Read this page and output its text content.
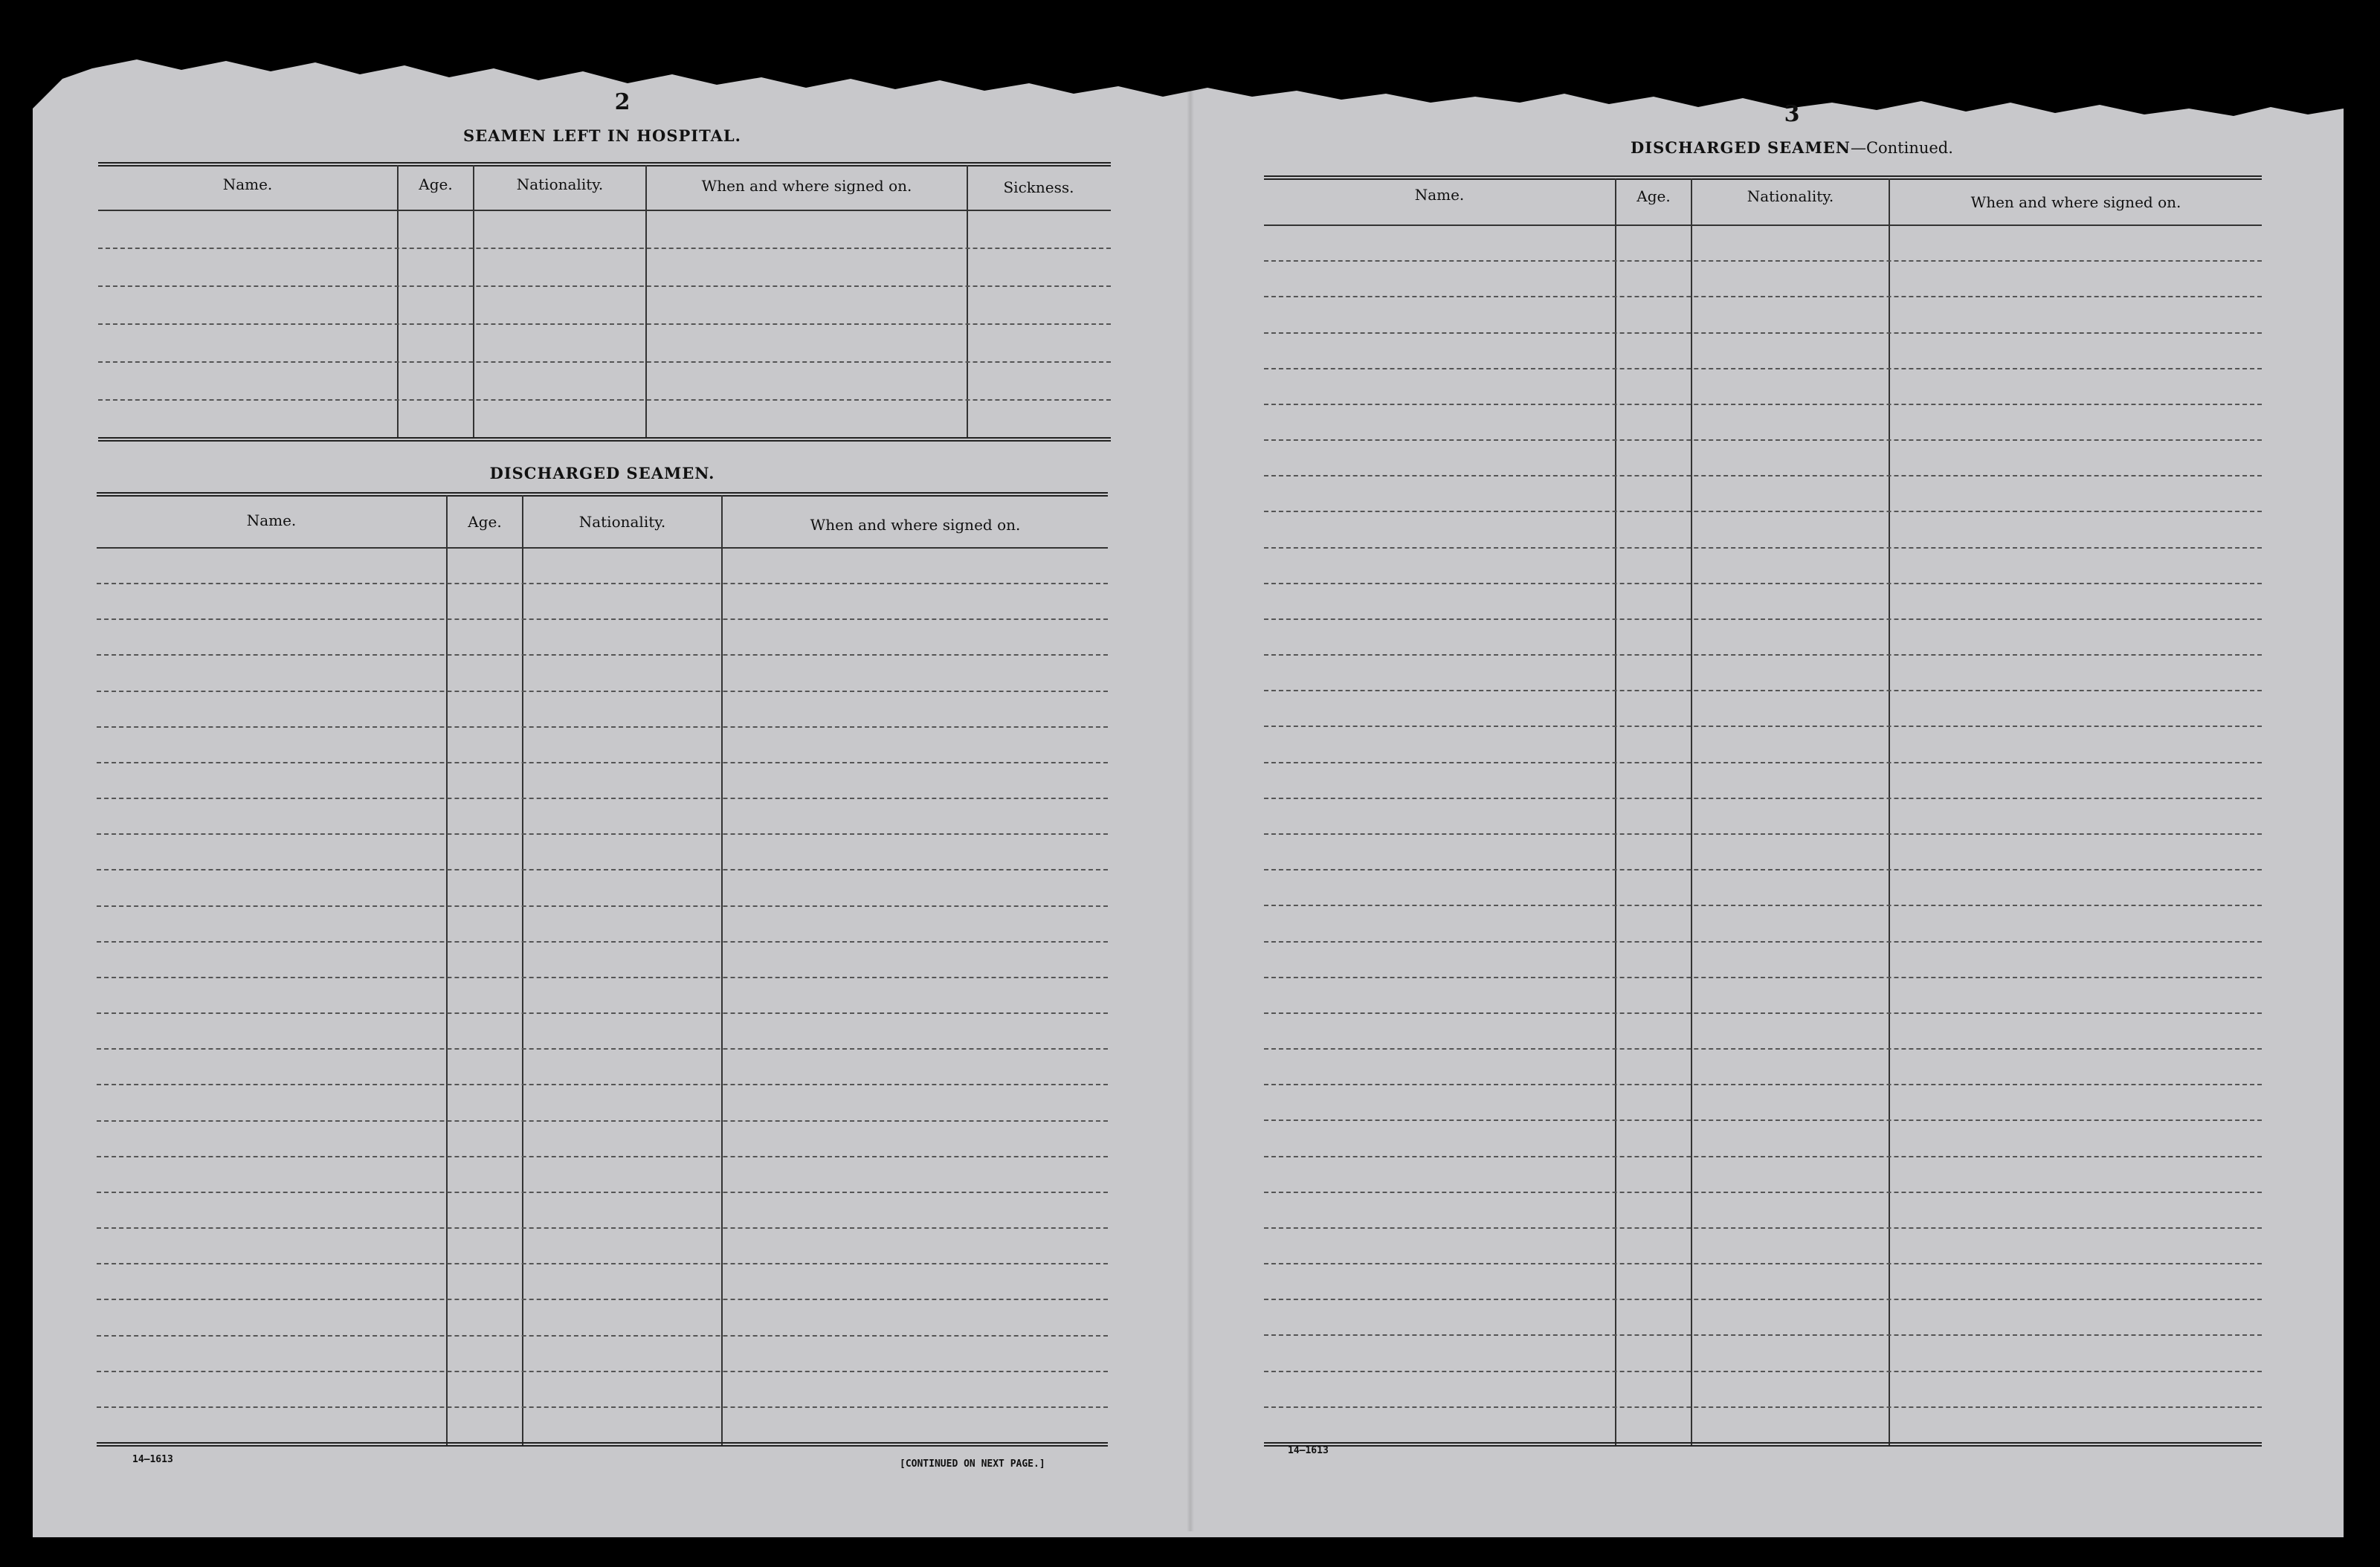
2
SEAMEN LEFT IN HOSPITAL.
Name.	Age.	Nationality.	When and where signed on.	Sickness.
DISCHARGED SEAMEN.
Name.	Age.	Nationality.	When and where signed on.
14—1613	[CONTINUED ON NEXT PAGE.]
3
DISCHARGED SEAMEN—Continued.
Name.	Age.	Nationality.	When and where signed on.
14—1613
